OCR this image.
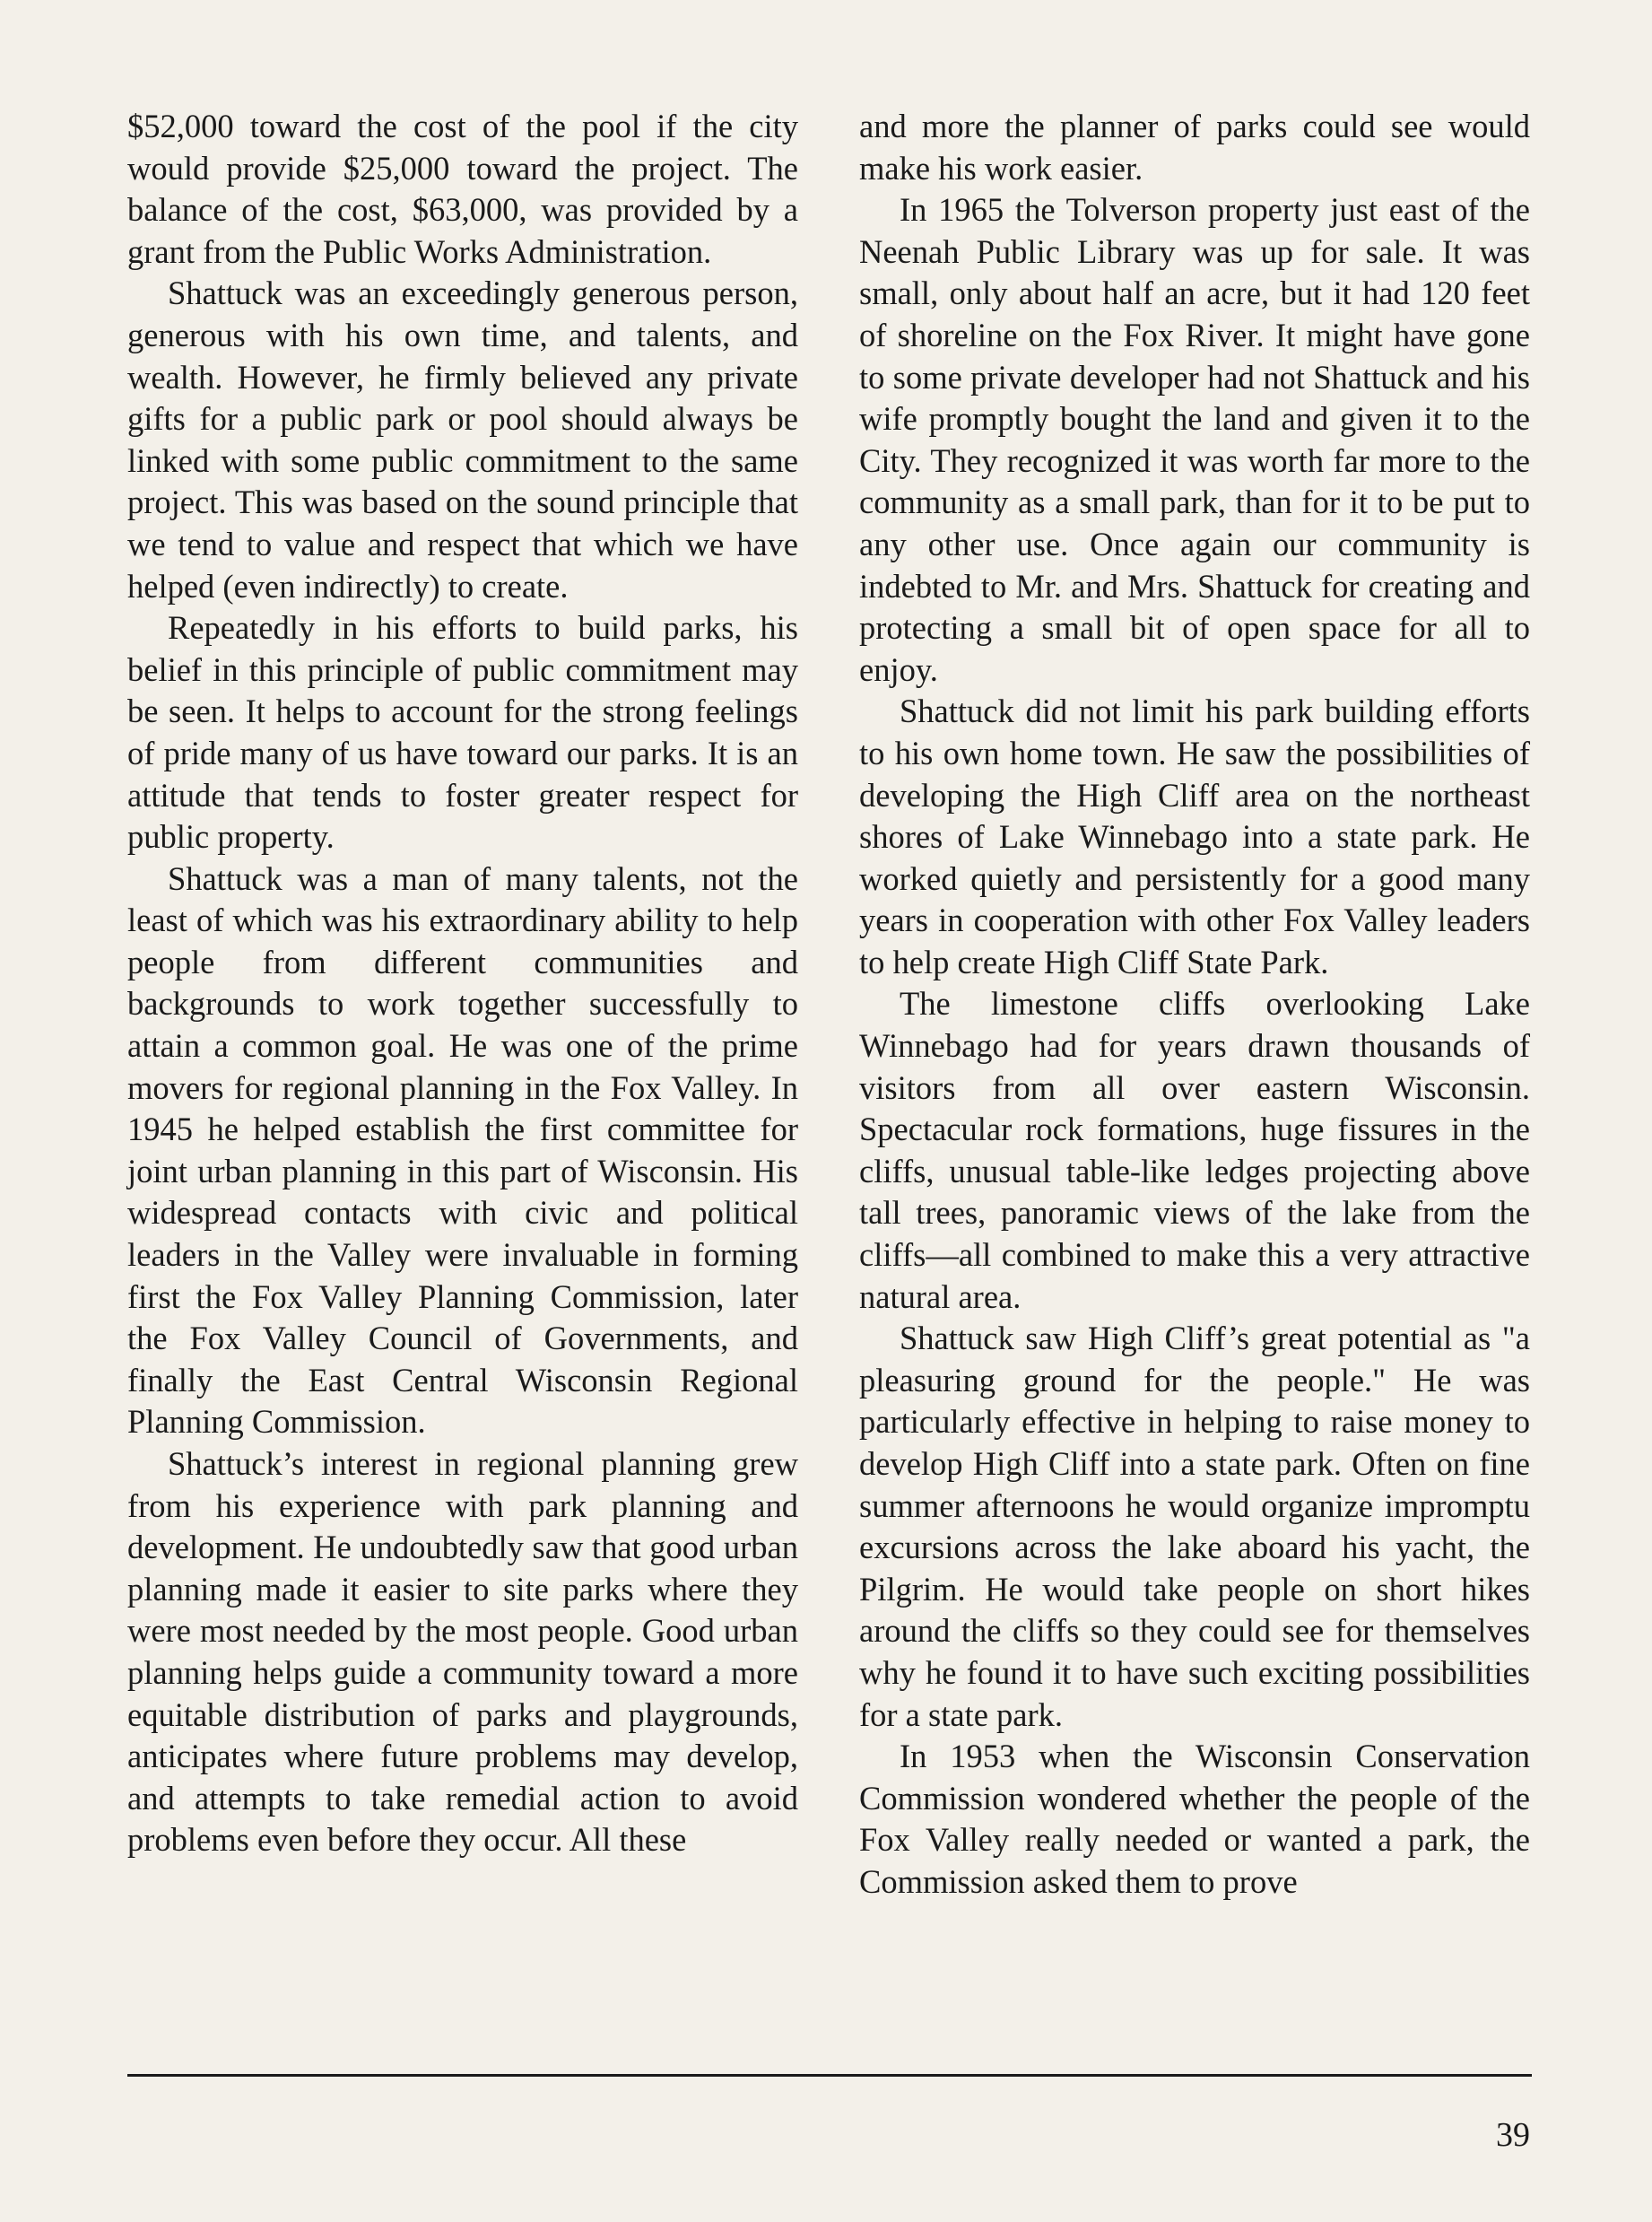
$52,000 toward the cost of the pool if the city would provide $25,000 toward the project. The balance of the cost, $63,000, was provided by a grant from the Public Works Administration.

Shattuck was an exceedingly generous person, generous with his own time, and talents, and wealth. However, he firmly believed any private gifts for a public park or pool should always be linked with some public commitment to the same project. This was based on the sound principle that we tend to value and respect that which we have helped (even indirectly) to create.

Repeatedly in his efforts to build parks, his belief in this principle of public commitment may be seen. It helps to account for the strong feelings of pride many of us have toward our parks. It is an attitude that tends to foster greater respect for public property.

Shattuck was a man of many talents, not the least of which was his extraordinary ability to help people from different communities and backgrounds to work together successfully to attain a common goal. He was one of the prime movers for regional planning in the Fox Valley. In 1945 he helped establish the first committee for joint urban planning in this part of Wisconsin. His widespread contacts with civic and political leaders in the Valley were invaluable in forming first the Fox Valley Planning Commission, later the Fox Valley Council of Governments, and finally the East Central Wisconsin Regional Planning Commission.

Shattuck’s interest in regional planning grew from his experience with park planning and development. He undoubtedly saw that good urban planning made it easier to site parks where they were most needed by the most people. Good urban planning helps guide a community toward a more equitable distribution of parks and playgrounds, anticipates where future problems may develop, and attempts to take remedial action to avoid problems even before they occur. All these

and more the planner of parks could see would make his work easier.

In 1965 the Tolverson property just east of the Neenah Public Library was up for sale. It was small, only about half an acre, but it had 120 feet of shoreline on the Fox River. It might have gone to some private developer had not Shattuck and his wife promptly bought the land and given it to the City. They recognized it was worth far more to the community as a small park, than for it to be put to any other use. Once again our community is indebted to Mr. and Mrs. Shattuck for creating and protecting a small bit of open space for all to enjoy.

Shattuck did not limit his park building efforts to his own home town. He saw the possibilities of developing the High Cliff area on the northeast shores of Lake Winnebago into a state park. He worked quietly and persistently for a good many years in cooperation with other Fox Valley leaders to help create High Cliff State Park.

The limestone cliffs overlooking Lake Winnebago had for years drawn thousands of visitors from all over eastern Wisconsin. Spectacular rock formations, huge fissures in the cliffs, unusual table-like ledges projecting above tall trees, panoramic views of the lake from the cliffs—all combined to make this a very attractive natural area.

Shattuck saw High Cliff’s great potential as "a pleasuring ground for the people." He was particularly effective in helping to raise money to develop High Cliff into a state park. Often on fine summer afternoons he would organize impromptu excursions across the lake aboard his yacht, the Pilgrim. He would take people on short hikes around the cliffs so they could see for themselves why he found it to have such exciting possibilities for a state park.

In 1953 when the Wisconsin Conservation Commission wondered whether the people of the Fox Valley really needed or wanted a park, the Commission asked them to prove

39
